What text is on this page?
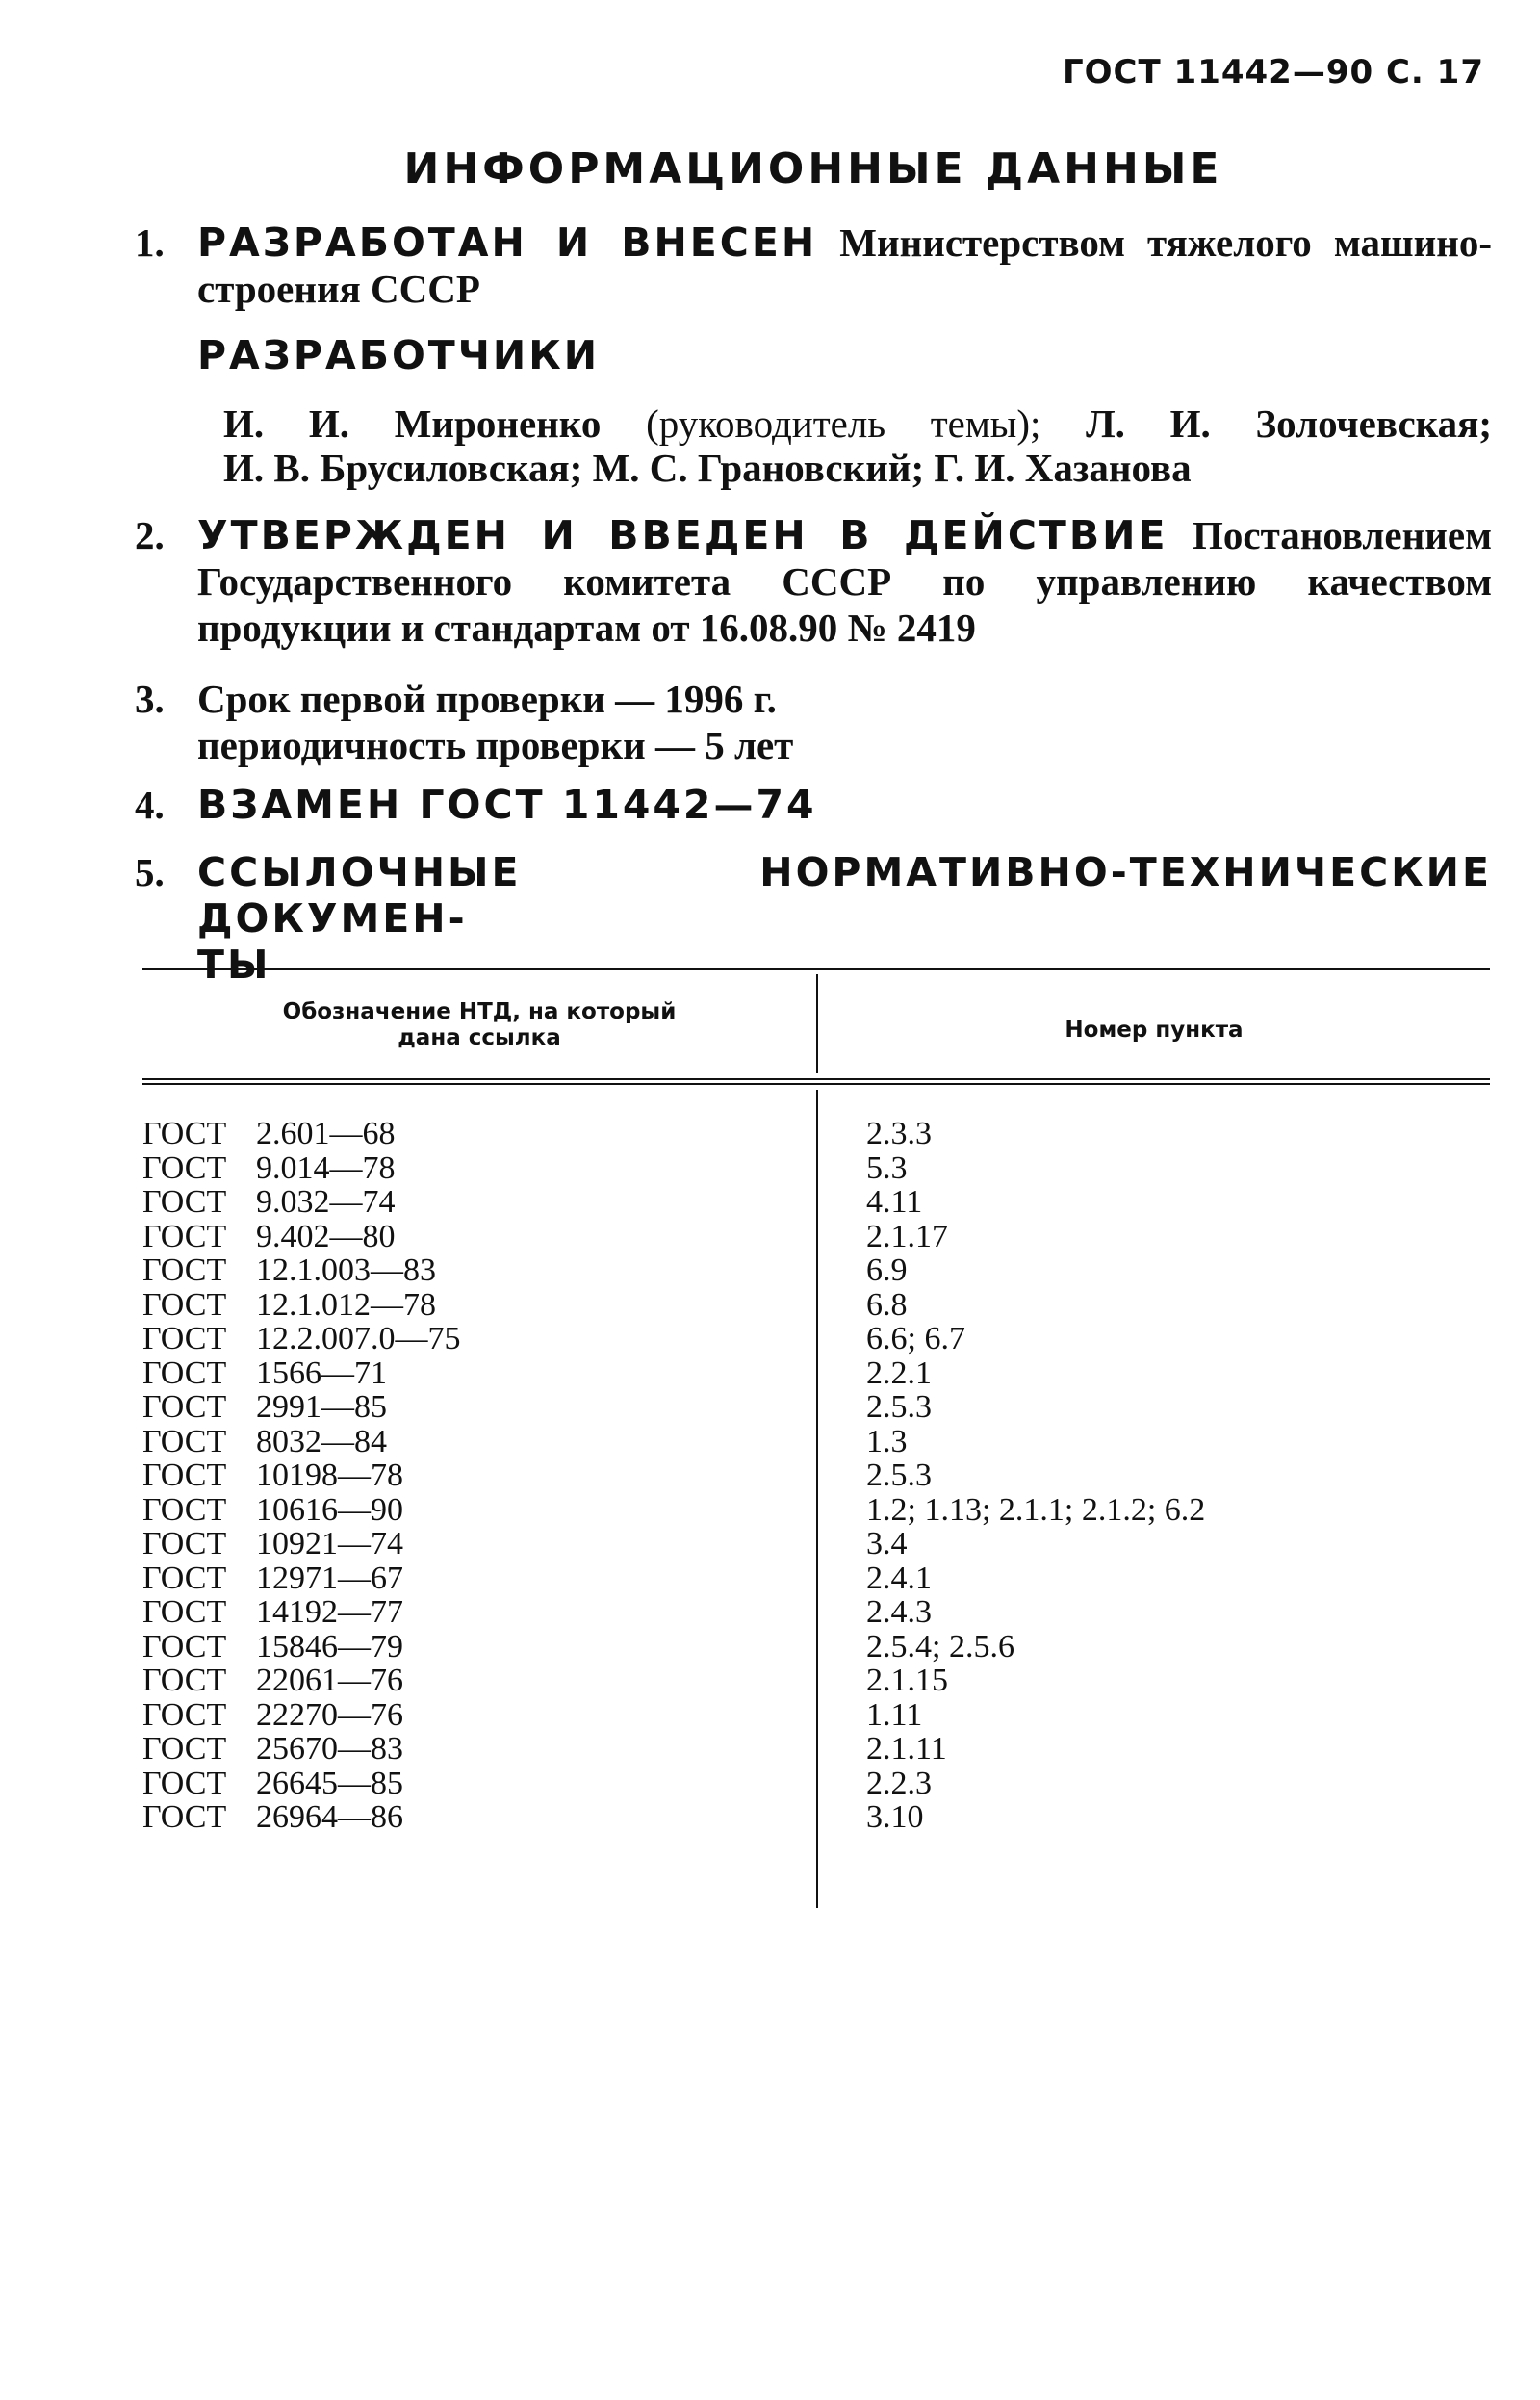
ГОСТ 11442—90 С. 17
ИНФОРМАЦИОННЫЕ ДАННЫЕ
1. РАЗРАБОТАН И ВНЕСЕН Министерством тяжелого машино-
строения СССР
РАЗРАБОТЧИКИ
И. И. Мироненко (руководитель темы); Л. И. Золочевская;
И. В. Брусиловская; М. С. Грановский; Г. И. Хазанова
2. УТВЕРЖДЕН И ВВЕДЕН В ДЕЙСТВИЕ Постановлением
Государственного комитета СССР по управлению качеством
продукции и стандартам от 16.08.90 № 2419
3. Срок первой проверки — 1996 г.
периодичность проверки — 5 лет
4. ВЗАМЕН ГОСТ 11442—74
5. ССЫЛОЧНЫЕ НОРМАТИВНО-ТЕХНИЧЕСКИЕ ДОКУМЕН-
ТЫ
Обозначение НТД, на который
дана ссылка	Номер пункта
ГОСТ 2.601—68
ГОСТ 9.014—78
ГОСТ 9.032—74
ГОСТ 9.402—80
ГОСТ 12.1.003—83
ГОСТ 12.1.012—78
ГОСТ 12.2.007.0—75
ГОСТ 1566—71
ГОСТ 2991—85
ГОСТ 8032—84
ГОСТ 10198—78
ГОСТ 10616—90
ГОСТ 10921—74
ГОСТ 12971—67
ГОСТ 14192—77
ГОСТ 15846—79
ГОСТ 22061—76
ГОСТ 22270—76
ГОСТ 25670—83
ГОСТ 26645—85
ГОСТ 26964—86
2.3.3
5.3
4.11
2.1.17
6.9
6.8
6.6; 6.7
2.2.1
2.5.3
1.3
2.5.3
1.2; 1.13; 2.1.1; 2.1.2; 6.2
3.4
2.4.1
2.4.3
2.5.4; 2.5.6
2.1.15
1.11
2.1.11
2.2.3
3.10
